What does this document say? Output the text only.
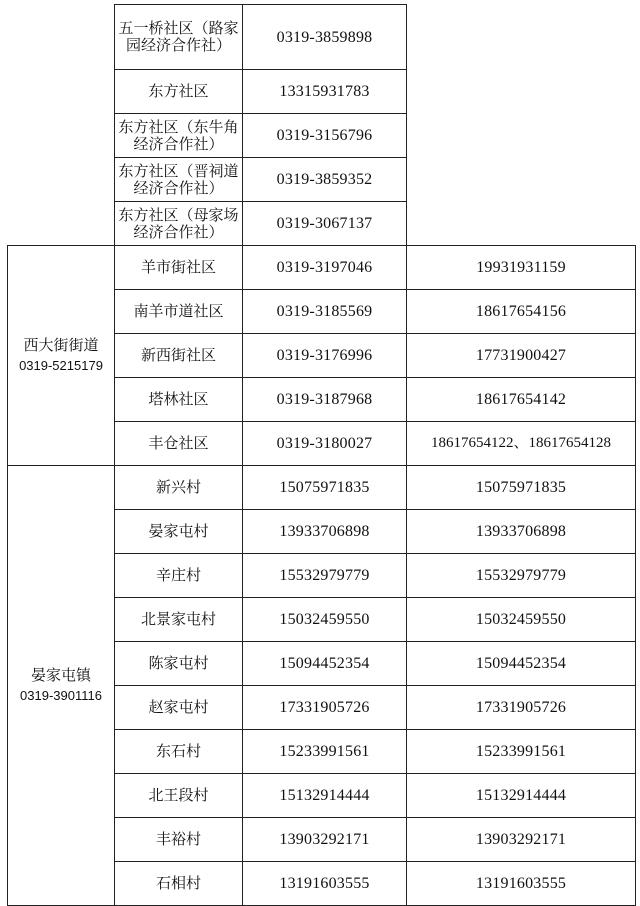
	五一桥社区（路家园经济合作社）	0319-3859898	
	东方社区	13315931783	
	东方社区（东牛角经济合作社）	0319-3156796	
	东方社区（晋祠道经济合作社）	0319-3859352	
	东方社区（母家场经济合作社）	0319-3067137	

西大街街道
0319-5215179	羊市街社区	0319-3197046	19931931159
	南羊市道社区	0319-3185569	18617654156
	新西街社区	0319-3176996	17731900427
	塔林社区	0319-3187968	18617654142
	丰仓社区	0319-3180027	18617654122、18617654128

晏家屯镇
0319-3901116	新兴村	15075971835	15075971835
	晏家屯村	13933706898	13933706898
	辛庄村	15532979779	15532979779
	北景家屯村	15032459550	15032459550
	陈家屯村	15094452354	15094452354
	赵家屯村	17331905726	17331905726
	东石村	15233991561	15233991561
	北王段村	15132914444	15132914444
	丰裕村	13903292171	13903292171
	石相村	13191603555	13191603555
